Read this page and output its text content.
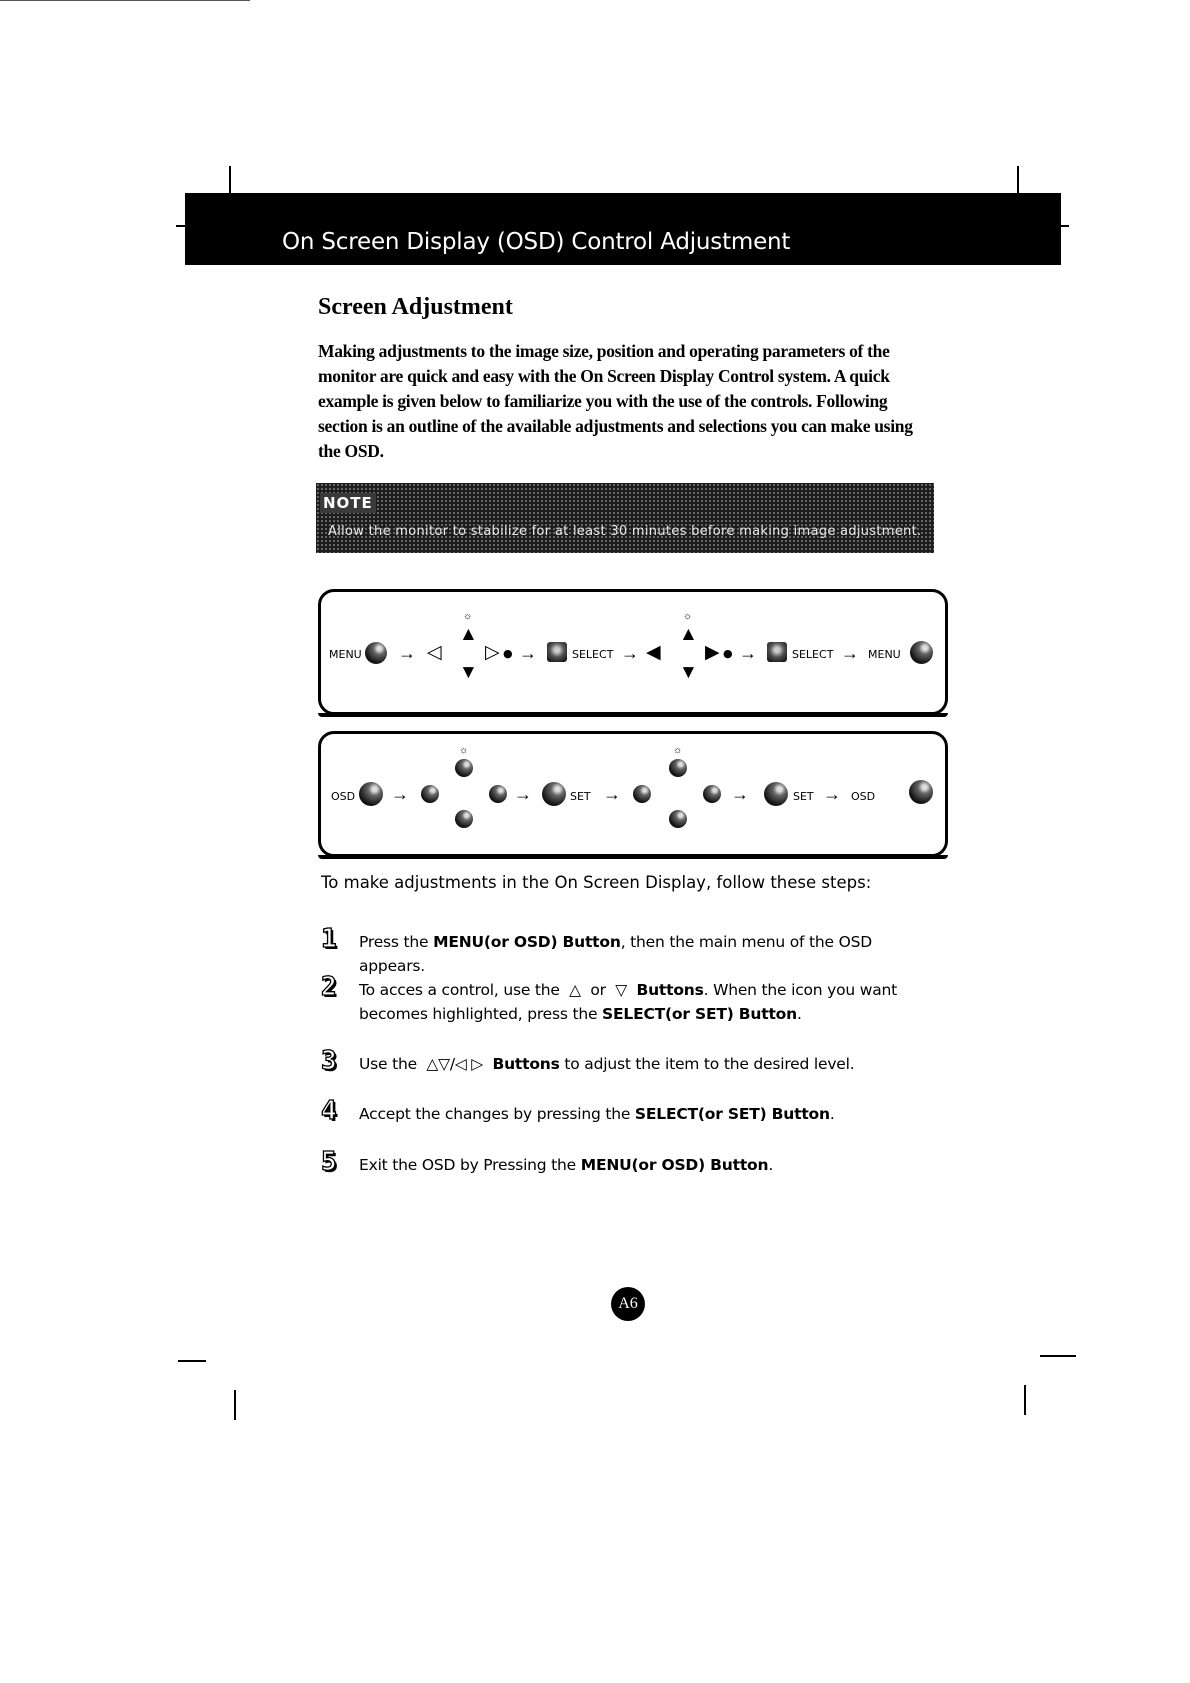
On Screen Display (OSD) Control Adjustment
Screen Adjustment
Making adjustments to the image size, position and operating parameters of the monitor are quick and easy with the On Screen Display Control system. A quick example is given below to familiarize you with the use of the controls. Following section is an outline of the available adjustments and selections you can make using the OSD.
NOTE
Allow the monitor to stabilize for at least 30 minutes before making image adjustment.
MENU → ◁
☼
▲
▼
▷ ● →	SELECT → ◀
☼
▲
▼
▶ ● →	SELECT → MENU
OSD →
☼
→	SET →
☼
→	SET → OSD
To make adjustments in the On Screen Display, follow these steps:
1 Press the MENU(or OSD) Button, then the main menu of the OSD appears.
2 To acces a control, use the  △  or  ▽  Buttons. When the icon you want becomes highlighted, press the SELECT(or SET) Button.
3 Use the  △▽/◁ ▷  Buttons to adjust the item to the desired level.
4 Accept the changes by pressing the SELECT(or SET) Button.
5 Exit the OSD by Pressing the MENU(or OSD) Button.
A6
